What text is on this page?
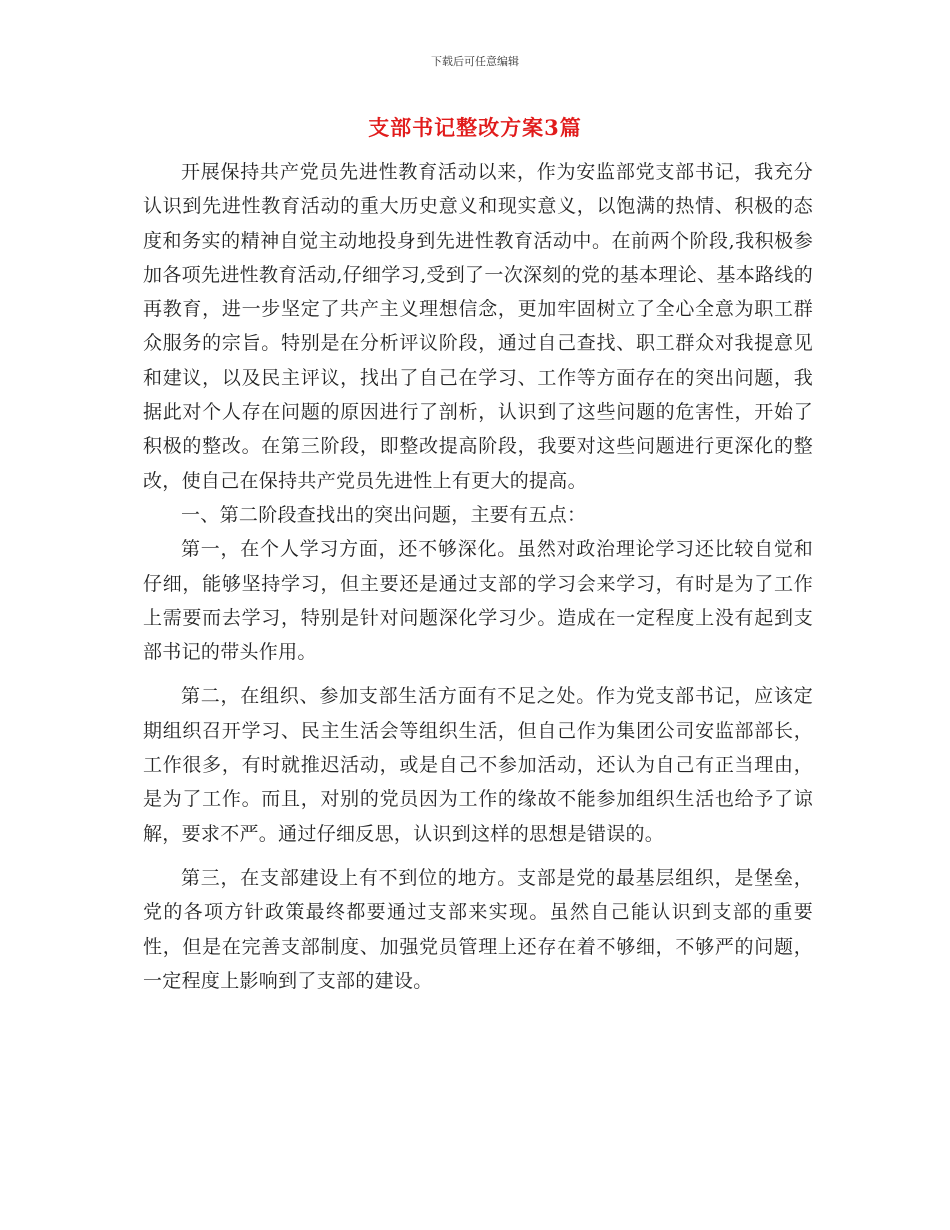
下载后可任意编辑
支部书记整改方案3篇

开展保持共产党员先进性教育活动以来，作为安监部党支部书记，我充分认识到先进性教育活动的重大历史意义和现实意义，以饱满的热情、积极的态度和务实的精神自觉主动地投身到先进性教育活动中。在前两个阶段,我积极参加各项先进性教育活动,仔细学习,受到了一次深刻的党的基本理论、基本路线的再教育，进一步坚定了共产主义理想信念，更加牢固树立了全心全意为职工群众服务的宗旨。特别是在分析评议阶段，通过自己查找、职工群众对我提意见和建议，以及民主评议，找出了自己在学习、工作等方面存在的突出问题，我据此对个人存在问题的原因进行了剖析，认识到了这些问题的危害性，开始了积极的整改。在第三阶段，即整改提高阶段，我要对这些问题进行更深化的整改，使自己在保持共产党员先进性上有更大的提高。

一、第二阶段查找出的突出问题，主要有五点：

第一，在个人学习方面，还不够深化。虽然对政治理论学习还比较自觉和仔细，能够坚持学习，但主要还是通过支部的学习会来学习，有时是为了工作上需要而去学习，特别是针对问题深化学习少。造成在一定程度上没有起到支部书记的带头作用。

第二，在组织、参加支部生活方面有不足之处。作为党支部书记，应该定期组织召开学习、民主生活会等组织生活，但自己作为集团公司安监部部长，工作很多，有时就推迟活动，或是自己不参加活动，还认为自己有正当理由，是为了工作。而且，对别的党员因为工作的缘故不能参加组织生活也给予了谅解，要求不严。通过仔细反思，认识到这样的思想是错误的。

第三，在支部建设上有不到位的地方。支部是党的最基层组织，是堡垒，党的各项方针政策最终都要通过支部来实现。虽然自己能认识到支部的重要性，但是在完善支部制度、加强党员管理上还存在着不够细，不够严的问题，一定程度上影响到了支部的建设。
